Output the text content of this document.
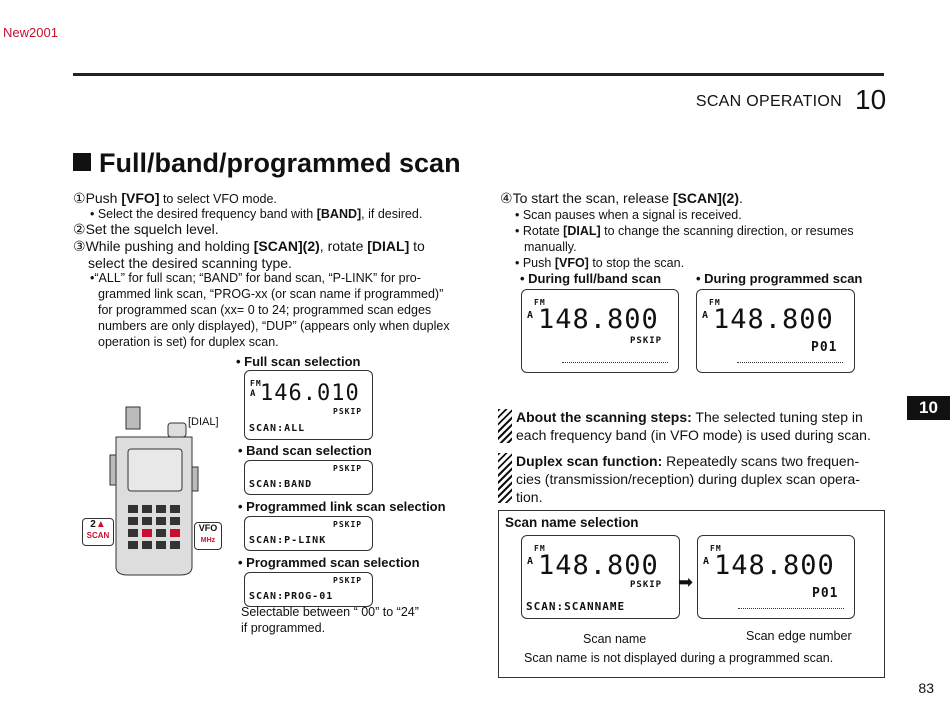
New2001
SCAN OPERATION 10
Full/band/programmed scan
①Push [VFO] to select VFO mode.
• Select the desired frequency band with [BAND], if desired.
②Set the squelch level.
③While pushing and holding [SCAN](2), rotate [DIAL] to
select the desired scanning type.
•“ALL” for full scan; “BAND” for band scan, “P-LINK” for pro-
grammed link scan, “PROG-xx (or scan name if programmed)”
for programmed scan (xx= 0 to 24; programmed scan edges
numbers are only displayed), “DUP” (appears only when duplex
operation is set) for duplex scan.
[DIAL]
2▲
SCAN
VFO
MHz
• Full scan selection
FM
A 146.010
PSKIP
SCAN:ALL
• Band scan selection
PSKIP
SCAN:BAND
• Programmed link scan selection
PSKIP
SCAN:P-LINK
• Programmed scan selection
PSKIP
SCAN:PROG-01
Selectable between “ 00” to “24”
if programmed.
④To start the scan, release [SCAN](2).
• Scan pauses when a signal is received.
• Rotate [DIAL] to change the scanning direction, or resumes
manually.
• Push [VFO] to stop the scan.
• During full/band scan	• During programmed scan
FM
A 148.800
PSKIP
FM
A 148.800
P01
About the scanning steps: The selected tuning step in
each frequency band (in VFO mode) is used during scan.
Duplex scan function: Repeatedly scans two frequen-
cies (transmission/reception) during duplex scan opera-
tion.
Scan name selection
FM
A 148.800
PSKIP
SCAN:SCANNAME
➡
FM
A 148.800
P01
Scan name	Scan edge number
Scan name is not displayed during a programmed scan.
10
83
